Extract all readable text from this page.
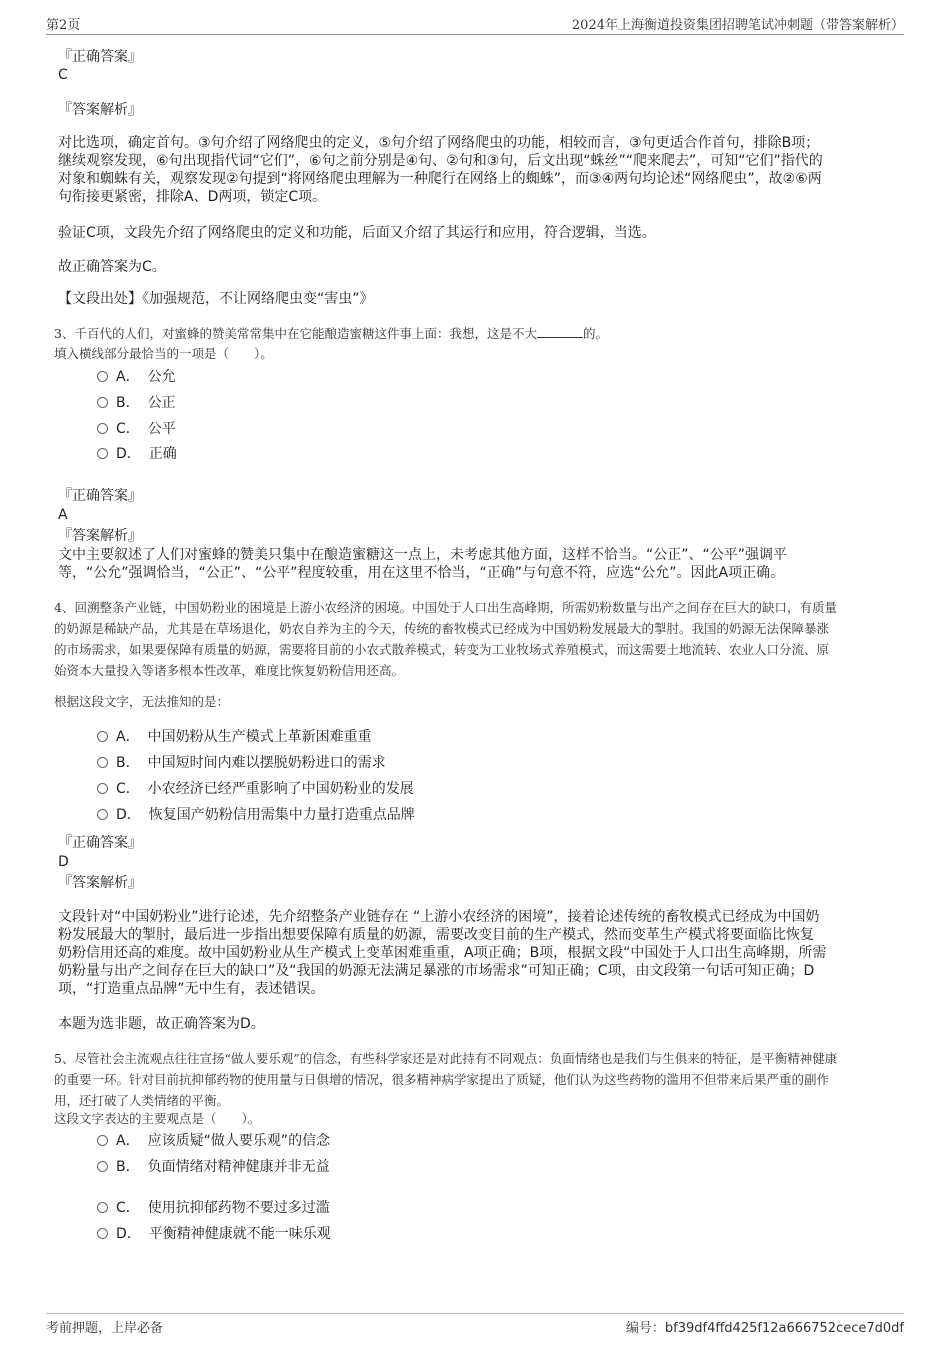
第2页	2024年上海衡道投资集团招聘笔试冲刺题（带答案解析）
『正确答案』
C
『答案解析』
对比选项，确定首句。③句介绍了网络爬虫的定义，⑤句介绍了网络爬虫的功能，相较而言，③句更适合作首句，排除B项；
继续观察发现，⑥句出现指代词“它们”，⑥句之前分别是④句、②句和③句，后文出现“蛛丝”“爬来爬去”，可知“它们”指代的
对象和蜘蛛有关，观察发现②句提到“将网络爬虫理解为一种爬行在网络上的蜘蛛”，而③④两句均论述“网络爬虫”，故②⑥两
句衔接更紧密，排除A、D两项，锁定C项。
验证C项，文段先介绍了网络爬虫的定义和功能，后面又介绍了其运行和应用，符合逻辑，当选。
故正确答案为C。
【文段出处】《加强规范，不让网络爬虫变“害虫”》
3、千百代的人们，对蜜蜂的赞美常常集中在它能酿造蜜糖这件事上面：我想，这是不大	的。
填入横线部分最恰当的一项是（　　）。
A． 公允
B． 公正
C． 公平
D． 正确
『正确答案』
A
『答案解析』
文中主要叙述了人们对蜜蜂的赞美只集中在酿造蜜糖这一点上，未考虑其他方面，这样不恰当。“公正”、“公平”强调平
等，“公允”强调恰当，“公正”、“公平”程度较重，用在这里不恰当，“正确”与句意不符，应选“公允”。因此A项正确。
4、回溯整条产业链，中国奶粉业的困境是上游小农经济的困境。中国处于人口出生高峰期，所需奶粉数量与出产之间存在巨大的缺口，有质量
的奶源是稀缺产品，尤其是在草场退化，奶农自养为主的今天，传统的畜牧模式已经成为中国奶粉发展最大的掣肘。我国的奶源无法保障暴涨
的市场需求，如果要保障有质量的奶源，需要将目前的小农式散养模式，转变为工业牧场式养殖模式，而这需要土地流转、农业人口分流、原
始资本大量投入等诸多根本性改革，难度比恢复奶粉信用还高。
根据这段文字，无法推知的是：
A． 中国奶粉从生产模式上革新困难重重
B． 中国短时间内难以摆脱奶粉进口的需求
C． 小农经济已经严重影响了中国奶粉业的发展
D． 恢复国产奶粉信用需集中力量打造重点品牌
『正确答案』
D
『答案解析』
文段针对“中国奶粉业”进行论述，先介绍整条产业链存在 “上游小农经济的困境”，接着论述传统的畜牧模式已经成为中国奶
粉发展最大的掣肘，最后进一步指出想要保障有质量的奶源，需要改变目前的生产模式，然而变革生产模式将要面临比恢复
奶粉信用还高的难度。故中国奶粉业从生产模式上变革困难重重，A项正确；B项，根据文段“中国处于人口出生高峰期，所需
奶粉量与出产之间存在巨大的缺口”及“我国的奶源无法满足暴涨的市场需求”可知正确；C项，由文段第一句话可知正确；D
项，“打造重点品牌”无中生有，表述错误。
本题为选非题，故正确答案为D。
5、尽管社会主流观点往往宣扬“做人要乐观”的信念，有些科学家还是对此持有不同观点：负面情绪也是我们与生俱来的特征，是平衡精神健康
的重要一环。针对目前抗抑郁药物的使用量与日俱增的情况，很多精神病学家提出了质疑，他们认为这些药物的滥用不但带来后果严重的副作
用，还打破了人类情绪的平衡。
这段文字表达的主要观点是（　　）。
A． 应该质疑“做人要乐观”的信念
B． 负面情绪对精神健康并非无益
C． 使用抗抑郁药物不要过多过滥
D． 平衡精神健康就不能一味乐观
考前押题，上岸必备	编号：bf39df4ffd425f12a666752cece7d0df
